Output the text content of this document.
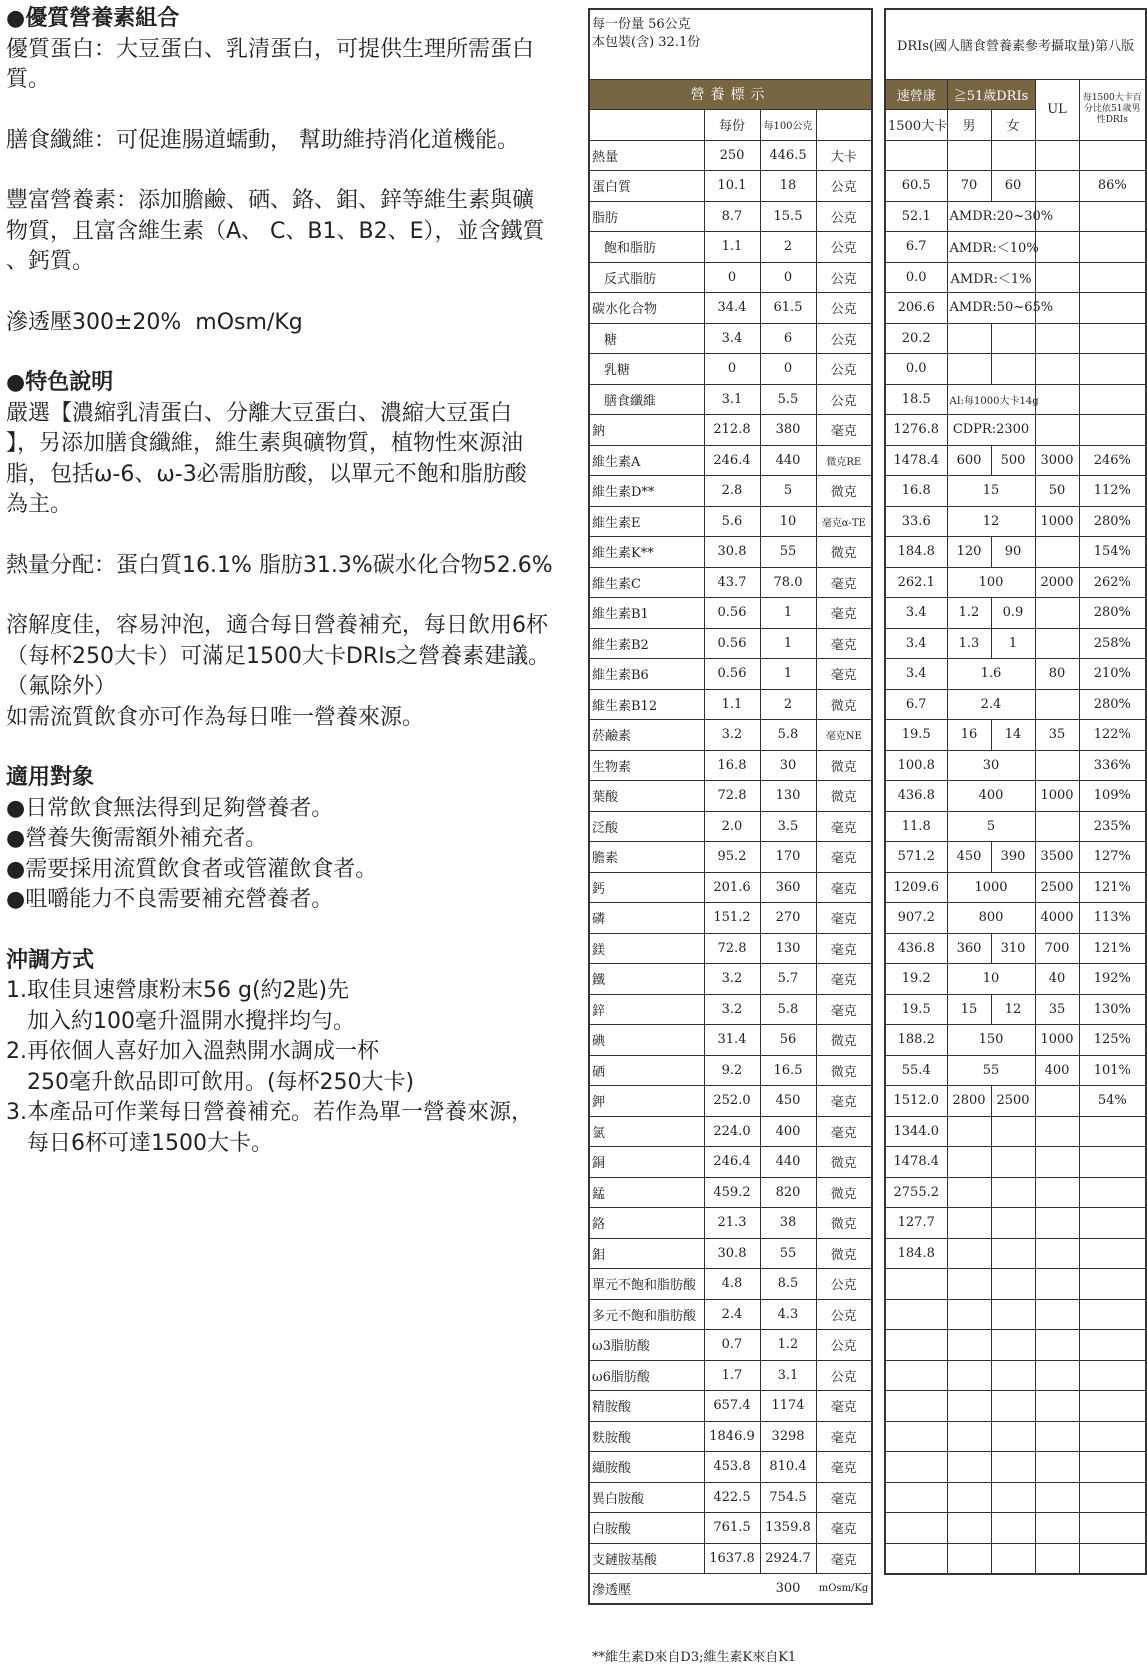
●優質營養素組合
優質蛋白：大豆蛋白、乳清蛋白，可提供生理所需蛋白
質。
膳食纖維：可促進腸道蠕動， 幫助維持消化道機能。
豐富營養素：添加膽鹼、硒、鉻、鉬、鋅等維生素與礦
物質，且富含維生素（A、 C、B1、B2、E），並含鐵質
、鈣質。
滲透壓300±20%  mOsm/Kg
●特色說明
嚴選【濃縮乳清蛋白、分離大豆蛋白、濃縮大豆蛋白
】，另添加膳食纖維，維生素與礦物質，植物性來源油
脂，包括ω-6、ω-3必需脂肪酸，以單元不飽和脂肪酸
為主。
熱量分配：蛋白質16.1% 脂肪31.3%碳水化合物52.6%
溶解度佳，容易沖泡，適合每日營養補充，每日飲用6杯
（每杯250大卡）可滿足1500大卡DRIs之營養素建議。
（氟除外）
如需流質飲食亦可作為每日唯一營養來源。
適用對象
●日常飲食無法得到足夠營養者。
●營養失衡需額外補充者。
●需要採用流質飲食者或管灌飲食者。
●咀嚼能力不良需要補充營養者。
沖調方式
1.取佳貝速營康粉末56 g(約2匙)先
加入約100毫升溫開水攪拌均勻。
2.再依個人喜好加入溫熱開水調成一杯
250毫升飲品即可飲用。(每杯250大卡)
3.本產品可作業每日營養補充。若作為單一營養來源，
每日6杯可達1500大卡。
每一份量 56公克
本包裝(含) 32.1份			
營養標示			
	每份	每100公克	
熱量	250	446.5	大卡
蛋白質	10.1	18	公克
脂肪	8.7	15.5	公克
飽和脂肪	1.1	2	公克
反式脂肪	0	0	公克
碳水化合物	34.4	61.5	公克
糖	3.4	6	公克
乳糖	0	0	公克
膳食纖維	3.1	5.5	公克
鈉	212.8	380	毫克
維生素A	246.4	440	微克RE
維生素D**	2.8	5	微克
維生素E	5.6	10	毫克α-TE
維生素K**	30.8	55	微克
維生素C	43.7	78.0	毫克
維生素B1	0.56	1	毫克
維生素B2	0.56	1	毫克
維生素B6	0.56	1	毫克
維生素B12	1.1	2	微克
菸鹼素	3.2	5.8	毫克NE
生物素	16.8	30	微克
葉酸	72.8	130	微克
泛酸	2.0	3.5	毫克
膽素	95.2	170	毫克
鈣	201.6	360	毫克
磷	151.2	270	毫克
鎂	72.8	130	毫克
鐵	3.2	5.7	毫克
鋅	3.2	5.8	毫克
碘	31.4	56	微克
硒	9.2	16.5	微克
鉀	252.0	450	毫克
氯	224.0	400	毫克
銅	246.4	440	微克
錳	459.2	820	微克
鉻	21.3	38	微克
鉬	30.8	55	微克
單元不飽和脂肪酸	4.8	8.5	公克
多元不飽和脂肪酸	2.4	4.3	公克
ω3脂肪酸	0.7	1.2	公克
ω6脂肪酸	1.7	3.1	公克
精胺酸	657.4	1174	毫克
麩胺酸	1846.9	3298	毫克
纈胺酸	453.8	810.4	毫克
異白胺酸	422.5	754.5	毫克
白胺酸	761.5	1359.8	毫克
支鏈胺基酸	1637.8	2924.7	毫克
滲透壓		300	mOsm/Kg
DRIs(國人膳食營養素參考攝取量)第八版				
速營康	≧51歲DRIs		UL	每1500大卡百分比依51歲男性DRIs
1500大卡	男	女		

60.5	70	60		86%
52.1	AMDR:20~30%			
6.7	AMDR:＜10%			
0.0	AMDR:＜1%			
206.6	AMDR:50~65%			
20.2				
0.0				
18.5	AI:每1000大卡14g			
1276.8	CDPR:2300			
1478.4	600	500	3000	246%
16.8	15		50	112%
33.6	12		1000	280%
184.8	120	90		154%
262.1	100		2000	262%
3.4	1.2	0.9		280%
3.4	1.3	1		258%
3.4	1.6		80	210%
6.7	2.4			280%
19.5	16	14	35	122%
100.8	30			336%
436.8	400		1000	109%
11.8	5			235%
571.2	450	390	3500	127%
1209.6	1000		2500	121%
907.2	800		4000	113%
436.8	360	310	700	121%
19.2	10		40	192%
19.5	15	12	35	130%
188.2	150		1000	125%
55.4	55		400	101%
1512.0	2800	2500		54%
1344.0				
1478.4				
2755.2				
127.7				
184.8				

**維生素D來自D3;維生素K來自K1
